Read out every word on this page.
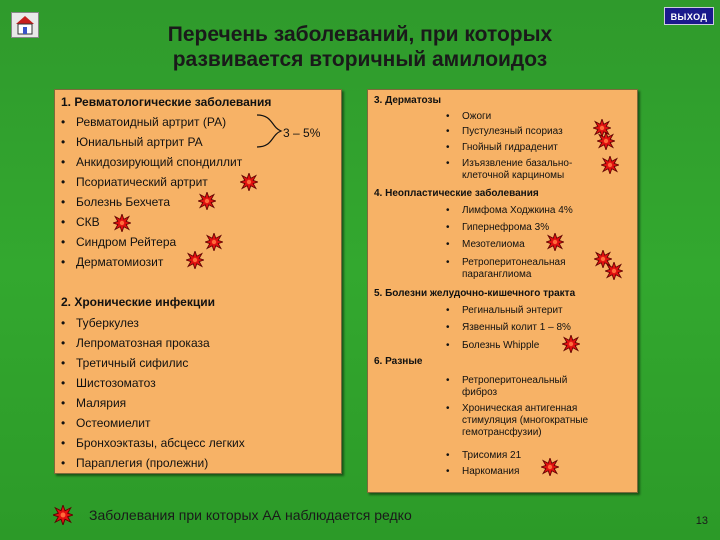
ВЫХОД
Перечень заболеваний, при которых
развивается вторичный амилоидоз
1. Ревматологические заболевания
• Ревматоидный артрит (РА)
• Юниальный артрит РА
• Анкидозирующий спондиллит
• Псориатический артрит
• Болезнь Бехчета
• СКВ
• Синдром Рейтера
• Дерматомиозит
3 – 5%
2. Хронические инфекции
• Туберкулез
• Лепроматозная проказа
• Третичный сифилис
• Шистозоматоз
• Малярия
• Остеомиелит
• Бронхоэктазы, абсцесс легких
• Параплегия (пролежни)
3. Дерматозы
• Ожоги
• Пустулезный псориаз
• Гнойный гидраденит
• Изъязвление базально-
клеточной карциномы
4. Неопластические заболевания
• Лимфома Ходжкина 4%
• Гипернефрома 3%
• Мезотелиома
• Ретроперитонеальная
параганглиома
5. Болезни желудочно-кишечного тракта
• Регинальный энтерит
• Язвенный колит 1 – 8%
• Болезнь Whipple
6. Разные
• Ретроперитонеальный
фиброз
• Хроническая антигенная
стимуляция (многократные
гемотрансфузии)
• Трисомия 21
• Наркомания
Заболевания при которых АА наблюдается редко	13
